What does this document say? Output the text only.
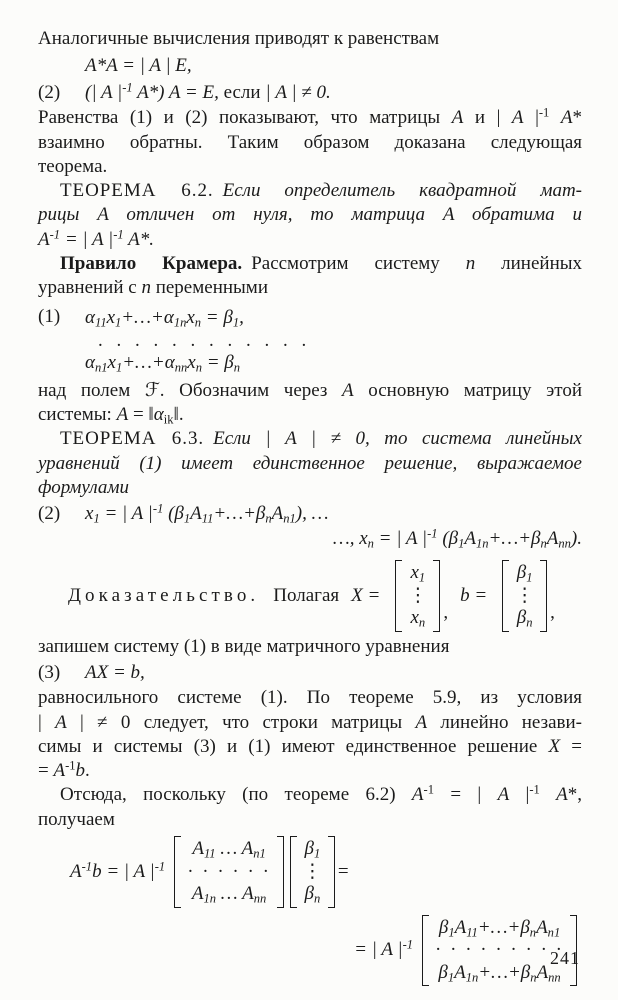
Аналогичные вычисления приводят к равенствам
A*A = | A | E,
(2)	(| A $|^{-1}$ A*) A = E, если | A | ≠ 0.
Равенства (1) и (2) показывают, что матрицы A и | A $|^{-1}$ A*
взаимно обратны. Таким образом доказана следующая
теорема.
ТЕОРЕМА 6.2. Если определитель квадратной мат-
рицы A отличен от нуля, то матрица A обратима и
$A^{-1}$ = | A $|^{-1}$ A*.
Правило Крамера. Рассмотрим систему n линейных
уравнений с n переменными
(1)	$\alpha_{11}x_1+\dots+\alpha_{1n}x_n = \beta_1$,
. . . . . . . . . . . .
$\alpha_{n1}x_1+\dots+\alpha_{nn}x_n = \beta_n$
над полем ℱ. Обозначим через A основную матрицу этой
системы: $A = ‖\alpha_{ik}‖$.
ТЕОРЕМА 6.3. Если | A | ≠ 0, то система линейных
уравнений (1) имеет единственное решение, выражаемое
формулами
(2)	$x_1$ = | A $|^{-1}$ $(\beta_1A_{11}+\dots+\beta_nA_{n1})$, …
…, $x_n$ = | A $|^{-1}$ $(\beta_1A_{1n}+\dots+\beta_nA_{nn})$.
Доказательство. Полагая X =
$x_1$
⋮
$x_n$ ,
b =
$\beta_1$
⋮
$\beta_n$ ,
запишем систему (1) в виде матричного уравнения
(3)	AX = b,
равносильного системе (1). По теореме 5.9, из условия
| A | ≠ 0 следует, что строки матрицы A линейно незави-
симы и системы (3) и (1) имеют единственное решение X =
= $A^{-1}b$.
Отсюда, поскольку (по теореме 6.2) $A^{-1}$ = | A $|^{-1}$ A*,
получаем
$A^{-1}b$ = | A $|^{-1}$
$A_{11}$ … $A_{n1}$
· · · · · ·
$A_{1n}$ … $A_{nn}$
$\beta_1$
⋮
$\beta_n$
=
= | A $|^{-1}$
$\beta_1A_{11}+\dots+\beta_nA_{n1}$
· · · · · · · · ·
$\beta_1A_{1n}+\dots+\beta_nA_{nn}$
241
